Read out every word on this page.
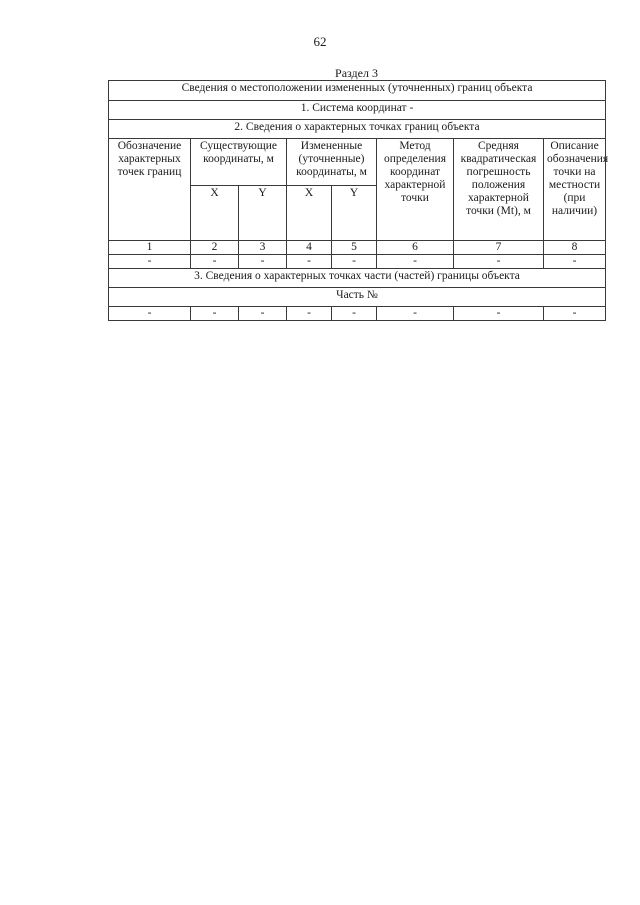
62
Раздел 3
Сведения о местоположении измененных (уточненных) границ объекта							
1. Система координат -							
2. Сведения о характерных точках границ объекта							
Обозначение характерных точек границ	Существующие координаты, м		Измененные (уточненные) координаты, м		Метод определения координат характерной точки	Средняя квадратическая погрешность положения характерной точки (Mt), м	Описание обозначения точки на местности (при наличии)
	X	Y	X	Y			
1	2	3	4	5	6	7	8
-	-	-	-	-	-	-	-
3. Сведения о характерных точках части (частей) границы объекта							
Часть №							
-	-	-	-	-	-	-	-
